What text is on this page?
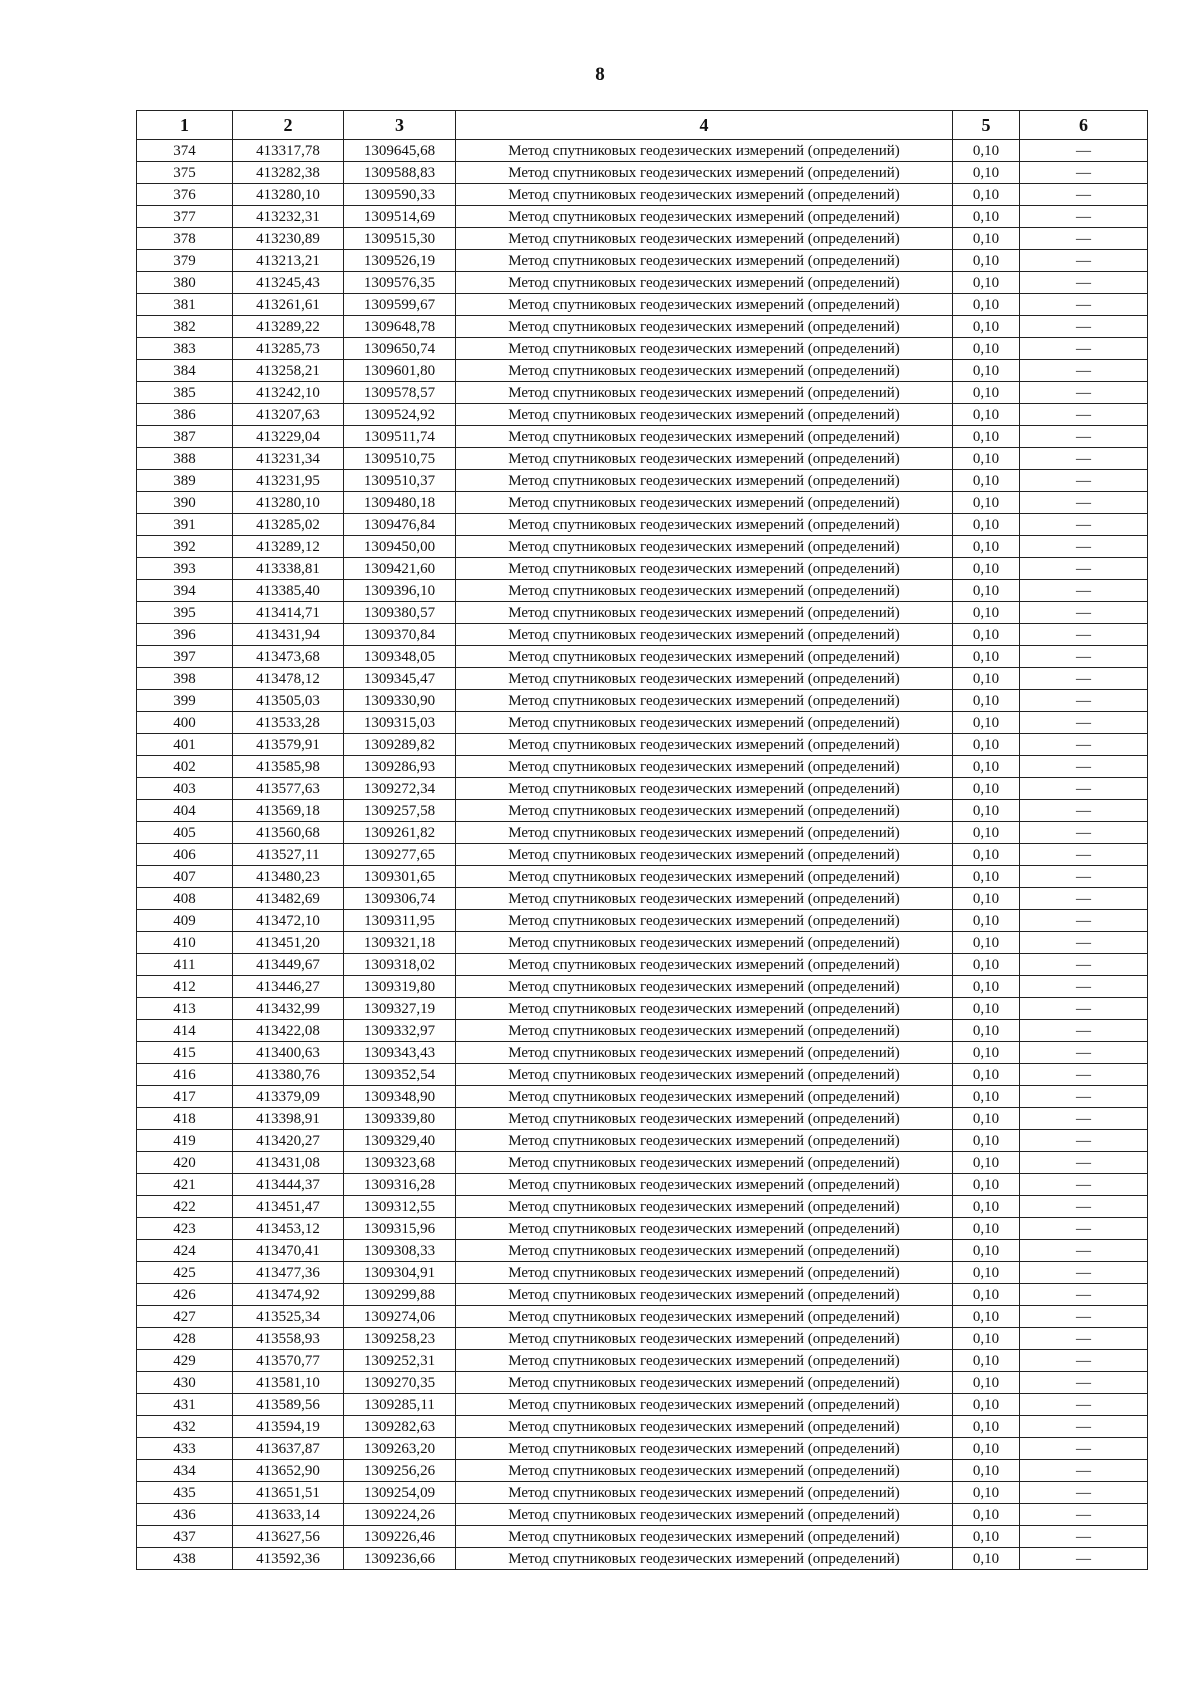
8
1	2	3	4	5	6
374	413317,78	1309645,68	Метод спутниковых геодезических измерений (определений)	0,10	—
375	413282,38	1309588,83	Метод спутниковых геодезических измерений (определений)	0,10	—
376	413280,10	1309590,33	Метод спутниковых геодезических измерений (определений)	0,10	—
377	413232,31	1309514,69	Метод спутниковых геодезических измерений (определений)	0,10	—
378	413230,89	1309515,30	Метод спутниковых геодезических измерений (определений)	0,10	—
379	413213,21	1309526,19	Метод спутниковых геодезических измерений (определений)	0,10	—
380	413245,43	1309576,35	Метод спутниковых геодезических измерений (определений)	0,10	—
381	413261,61	1309599,67	Метод спутниковых геодезических измерений (определений)	0,10	—
382	413289,22	1309648,78	Метод спутниковых геодезических измерений (определений)	0,10	—
383	413285,73	1309650,74	Метод спутниковых геодезических измерений (определений)	0,10	—
384	413258,21	1309601,80	Метод спутниковых геодезических измерений (определений)	0,10	—
385	413242,10	1309578,57	Метод спутниковых геодезических измерений (определений)	0,10	—
386	413207,63	1309524,92	Метод спутниковых геодезических измерений (определений)	0,10	—
387	413229,04	1309511,74	Метод спутниковых геодезических измерений (определений)	0,10	—
388	413231,34	1309510,75	Метод спутниковых геодезических измерений (определений)	0,10	—
389	413231,95	1309510,37	Метод спутниковых геодезических измерений (определений)	0,10	—
390	413280,10	1309480,18	Метод спутниковых геодезических измерений (определений)	0,10	—
391	413285,02	1309476,84	Метод спутниковых геодезических измерений (определений)	0,10	—
392	413289,12	1309450,00	Метод спутниковых геодезических измерений (определений)	0,10	—
393	413338,81	1309421,60	Метод спутниковых геодезических измерений (определений)	0,10	—
394	413385,40	1309396,10	Метод спутниковых геодезических измерений (определений)	0,10	—
395	413414,71	1309380,57	Метод спутниковых геодезических измерений (определений)	0,10	—
396	413431,94	1309370,84	Метод спутниковых геодезических измерений (определений)	0,10	—
397	413473,68	1309348,05	Метод спутниковых геодезических измерений (определений)	0,10	—
398	413478,12	1309345,47	Метод спутниковых геодезических измерений (определений)	0,10	—
399	413505,03	1309330,90	Метод спутниковых геодезических измерений (определений)	0,10	—
400	413533,28	1309315,03	Метод спутниковых геодезических измерений (определений)	0,10	—
401	413579,91	1309289,82	Метод спутниковых геодезических измерений (определений)	0,10	—
402	413585,98	1309286,93	Метод спутниковых геодезических измерений (определений)	0,10	—
403	413577,63	1309272,34	Метод спутниковых геодезических измерений (определений)	0,10	—
404	413569,18	1309257,58	Метод спутниковых геодезических измерений (определений)	0,10	—
405	413560,68	1309261,82	Метод спутниковых геодезических измерений (определений)	0,10	—
406	413527,11	1309277,65	Метод спутниковых геодезических измерений (определений)	0,10	—
407	413480,23	1309301,65	Метод спутниковых геодезических измерений (определений)	0,10	—
408	413482,69	1309306,74	Метод спутниковых геодезических измерений (определений)	0,10	—
409	413472,10	1309311,95	Метод спутниковых геодезических измерений (определений)	0,10	—
410	413451,20	1309321,18	Метод спутниковых геодезических измерений (определений)	0,10	—
411	413449,67	1309318,02	Метод спутниковых геодезических измерений (определений)	0,10	—
412	413446,27	1309319,80	Метод спутниковых геодезических измерений (определений)	0,10	—
413	413432,99	1309327,19	Метод спутниковых геодезических измерений (определений)	0,10	—
414	413422,08	1309332,97	Метод спутниковых геодезических измерений (определений)	0,10	—
415	413400,63	1309343,43	Метод спутниковых геодезических измерений (определений)	0,10	—
416	413380,76	1309352,54	Метод спутниковых геодезических измерений (определений)	0,10	—
417	413379,09	1309348,90	Метод спутниковых геодезических измерений (определений)	0,10	—
418	413398,91	1309339,80	Метод спутниковых геодезических измерений (определений)	0,10	—
419	413420,27	1309329,40	Метод спутниковых геодезических измерений (определений)	0,10	—
420	413431,08	1309323,68	Метод спутниковых геодезических измерений (определений)	0,10	—
421	413444,37	1309316,28	Метод спутниковых геодезических измерений (определений)	0,10	—
422	413451,47	1309312,55	Метод спутниковых геодезических измерений (определений)	0,10	—
423	413453,12	1309315,96	Метод спутниковых геодезических измерений (определений)	0,10	—
424	413470,41	1309308,33	Метод спутниковых геодезических измерений (определений)	0,10	—
425	413477,36	1309304,91	Метод спутниковых геодезических измерений (определений)	0,10	—
426	413474,92	1309299,88	Метод спутниковых геодезических измерений (определений)	0,10	—
427	413525,34	1309274,06	Метод спутниковых геодезических измерений (определений)	0,10	—
428	413558,93	1309258,23	Метод спутниковых геодезических измерений (определений)	0,10	—
429	413570,77	1309252,31	Метод спутниковых геодезических измерений (определений)	0,10	—
430	413581,10	1309270,35	Метод спутниковых геодезических измерений (определений)	0,10	—
431	413589,56	1309285,11	Метод спутниковых геодезических измерений (определений)	0,10	—
432	413594,19	1309282,63	Метод спутниковых геодезических измерений (определений)	0,10	—
433	413637,87	1309263,20	Метод спутниковых геодезических измерений (определений)	0,10	—
434	413652,90	1309256,26	Метод спутниковых геодезических измерений (определений)	0,10	—
435	413651,51	1309254,09	Метод спутниковых геодезических измерений (определений)	0,10	—
436	413633,14	1309224,26	Метод спутниковых геодезических измерений (определений)	0,10	—
437	413627,56	1309226,46	Метод спутниковых геодезических измерений (определений)	0,10	—
438	413592,36	1309236,66	Метод спутниковых геодезических измерений (определений)	0,10	—
